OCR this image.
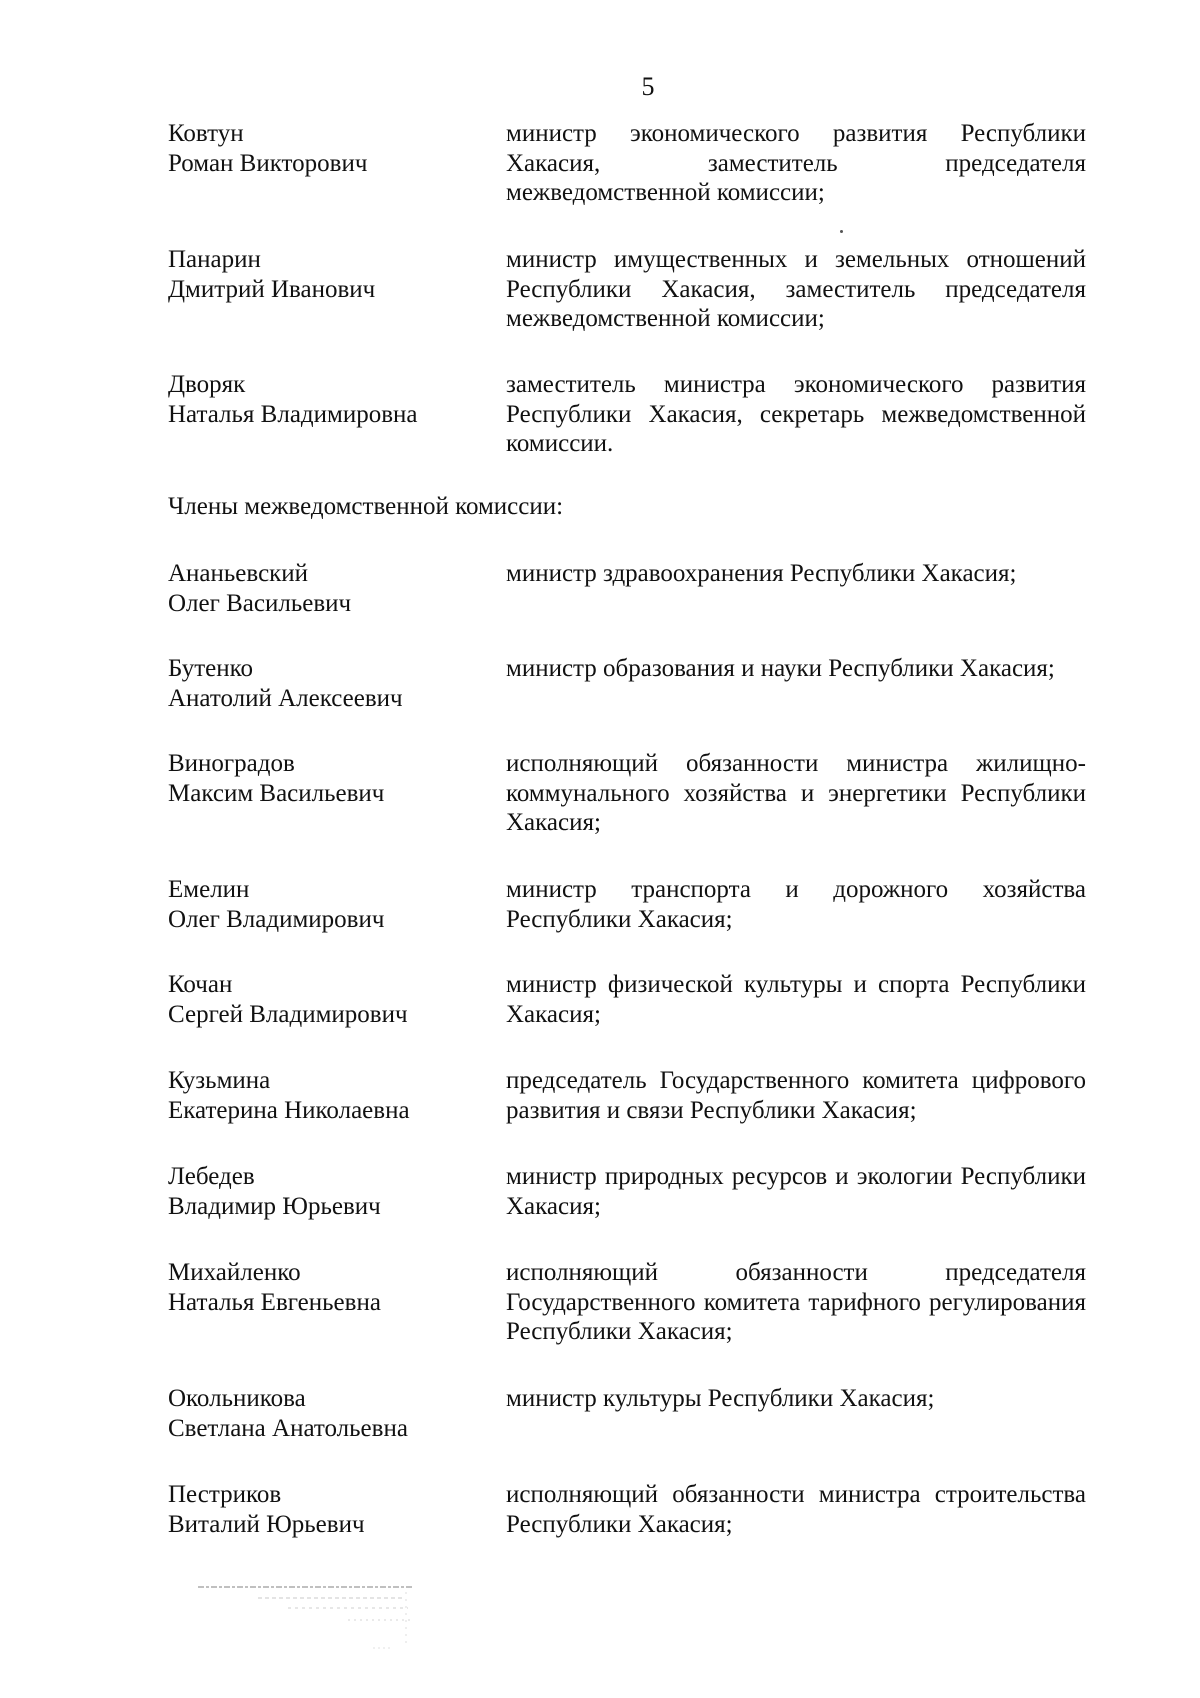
5
Ковтун
Роман Викторович
министр экономического развития Республики Хакасия, заместитель председателя межведомственной комиссии;
Панарин
Дмитрий Иванович
министр имущественных и земельных отношений Республики Хакасия, заместитель председателя межведомственной комиссии;
Дворяк
Наталья Владимировна
заместитель министра экономического развития Республики Хакасия, секретарь межведомственной комиссии.
Члены межведомственной комиссии:
Ананьевский
Олег Васильевич
министр здравоохранения Республики Хакасия;
Бутенко
Анатолий Алексеевич
министр образования и науки Республики Хакасия;
Виноградов
Максим Васильевич
исполняющий обязанности министра жилищно-коммунального хозяйства и энергетики Республики Хакасия;
Емелин
Олег Владимирович
министр транспорта и дорожного хозяйства Республики Хакасия;
Кочан
Сергей Владимирович
министр физической культуры и спорта Республики Хакасия;
Кузьмина
Екатерина Николаевна
председатель Государственного комитета цифрового развития и связи Республики Хакасия;
Лебедев
Владимир Юрьевич
министр природных ресурсов и экологии Республики Хакасия;
Михайленко
Наталья Евгеньевна
исполняющий обязанности председателя Государственного комитета тарифного регулирования Республики Хакасия;
Окольникова
Светлана Анатольевна
министр культуры Республики Хакасия;
Пестриков
Виталий Юрьевич
исполняющий обязанности министра строительства Республики Хакасия;
